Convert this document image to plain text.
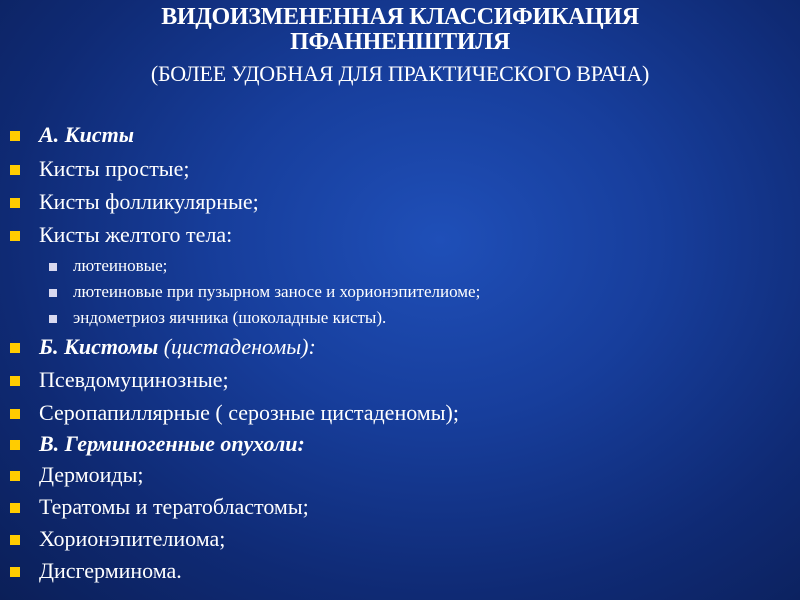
ВИДОИЗМЕНЕННАЯ КЛАССИФИКАЦИЯ ПФАННЕНШТИЛЯ
(БОЛЕЕ УДОБНАЯ ДЛЯ ПРАКТИЧЕСКОГО ВРАЧА)
А. Кисты
Кисты простые;
Кисты фолликулярные;
Кисты желтого тела:
лютеиновые;
лютеиновые при пузырном заносе и хорионэпителиоме;
эндометриоз яичника (шоколадные кисты).
Б. Кистомы (цистаденомы):
Псевдомуцинозные;
Серопапиллярные ( серозные цистаденомы);
В. Герминогенные опухоли:
Дермоиды;
Тератомы и тератобластомы;
Хорионэпителиома;
Дисгерминома.
